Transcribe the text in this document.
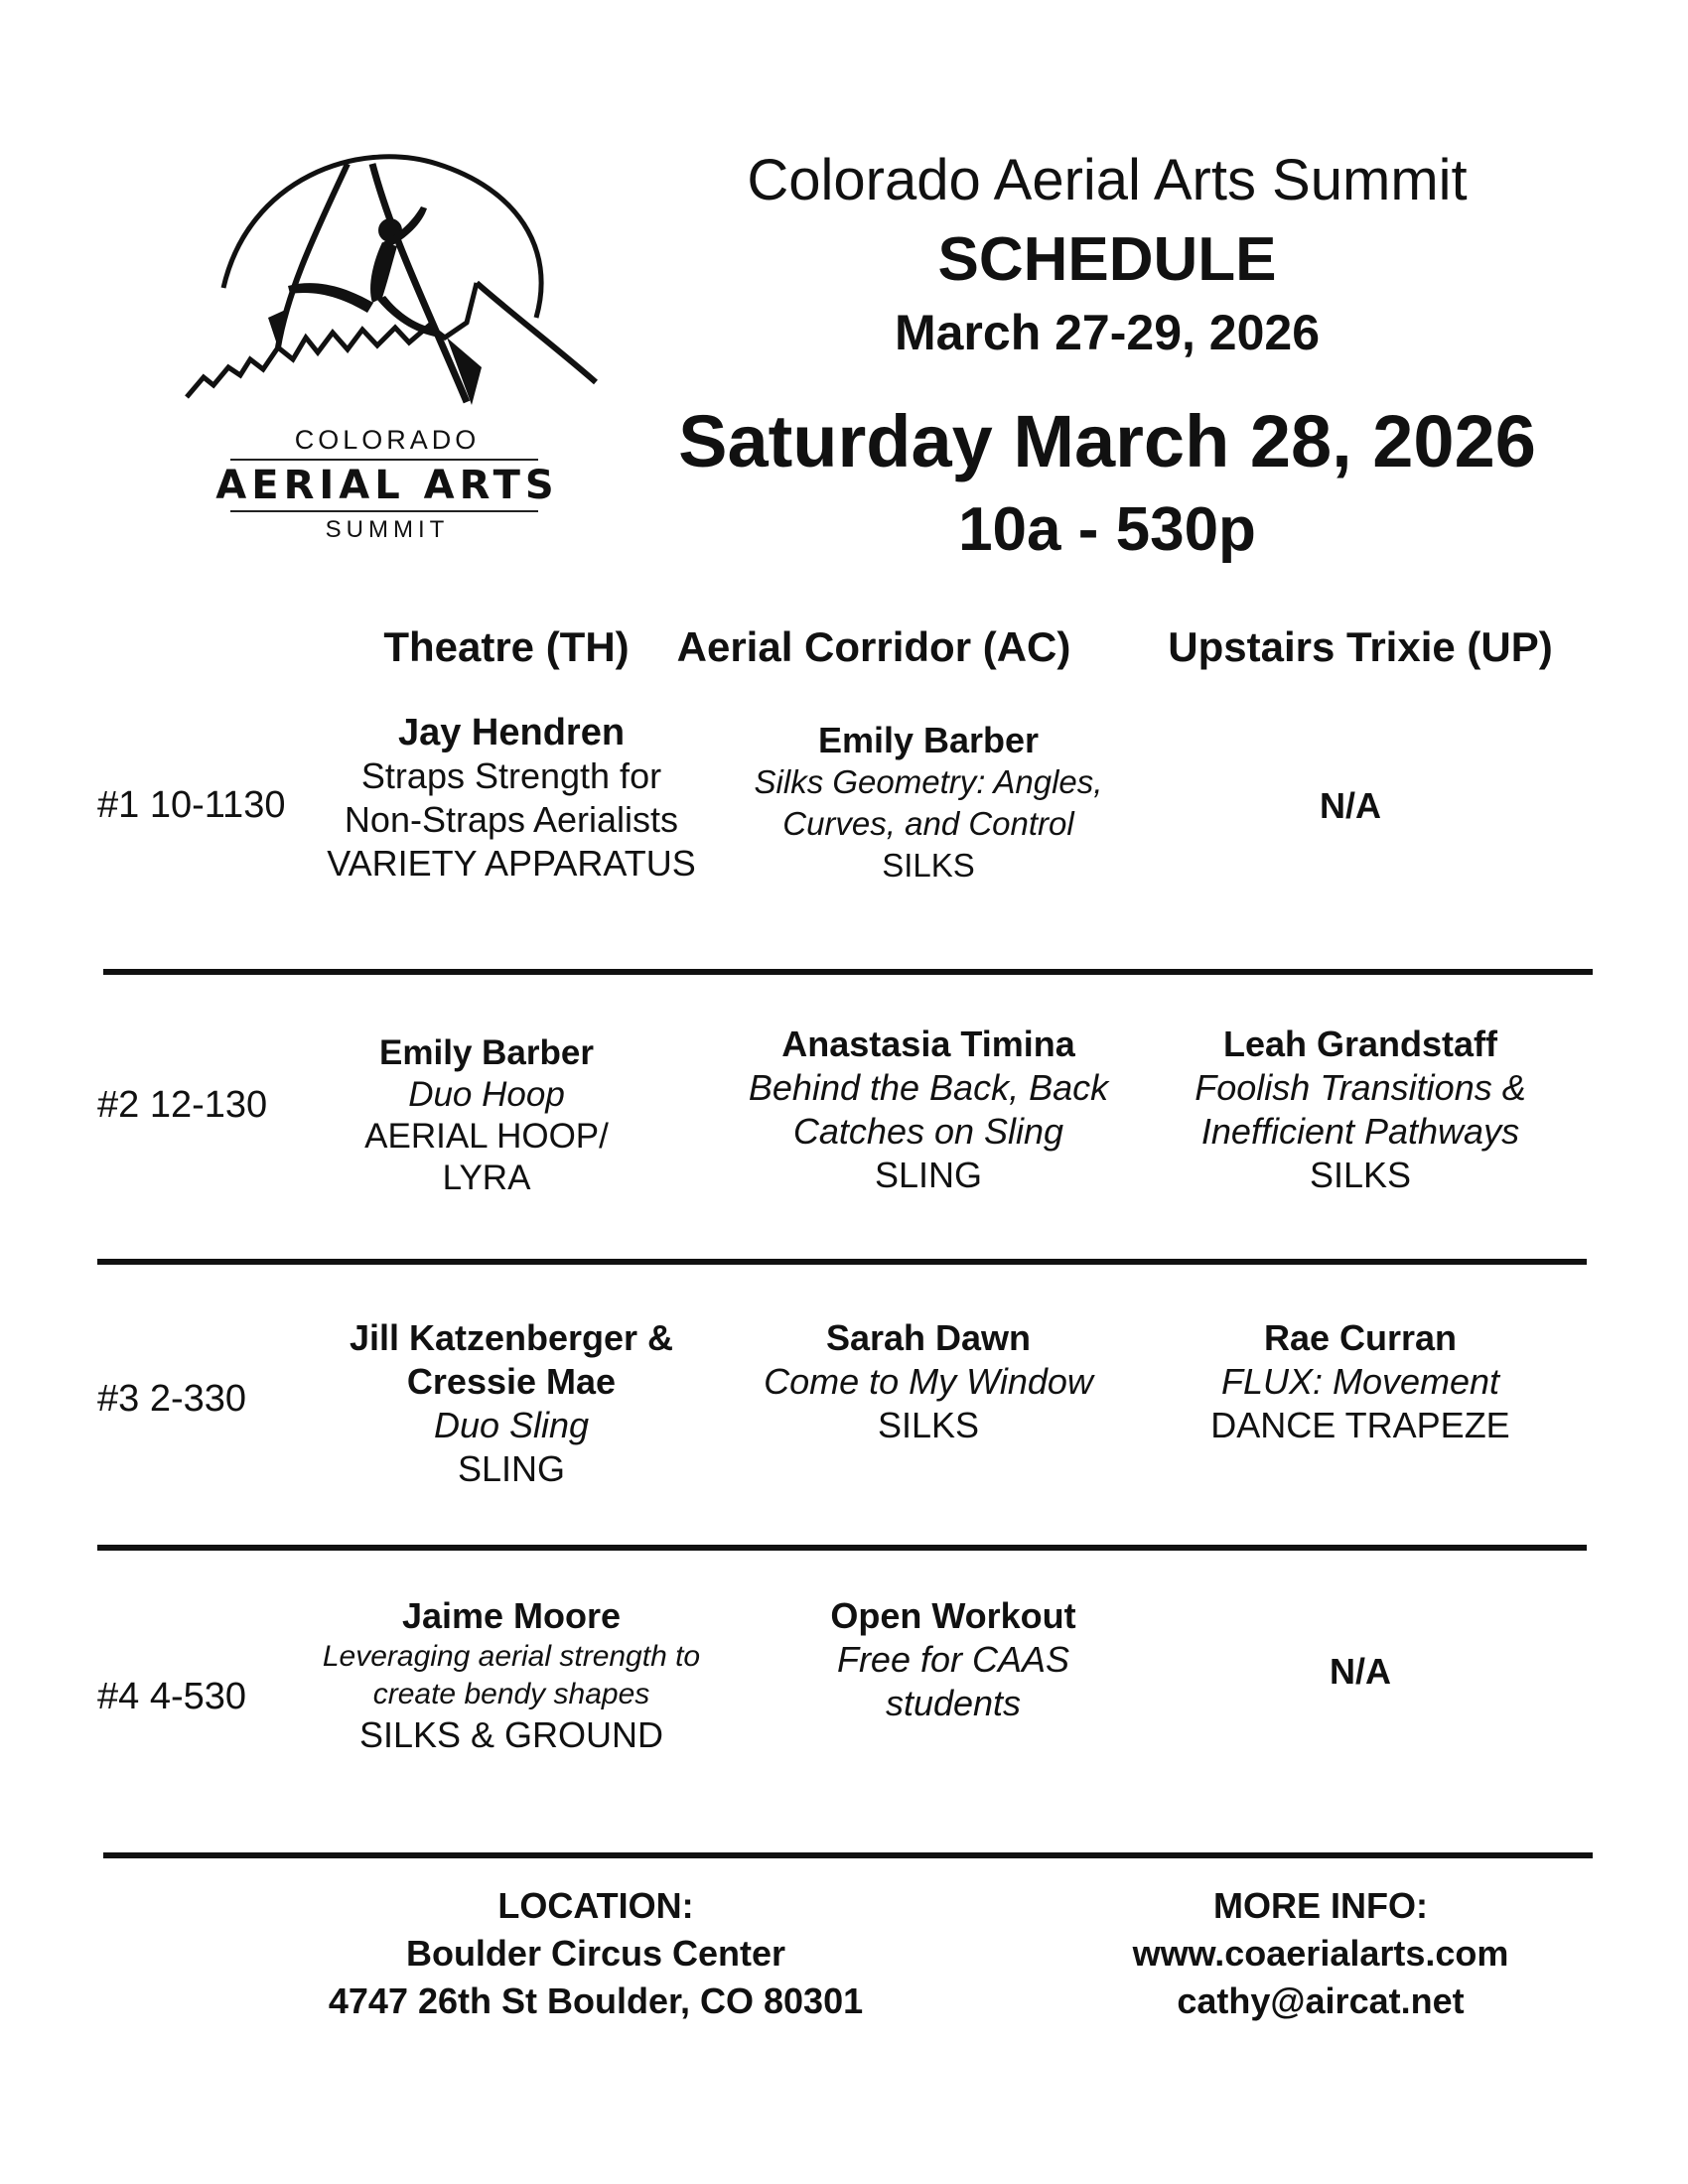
COLORADO
AERIAL ARTS
SUMMIT
Colorado Aerial Arts Summit
SCHEDULE
March 27-29, 2026
Saturday March 28, 2026
10a - 530p
Theatre (TH)	Aerial Corridor (AC)	Upstairs Trixie (UP)
#1 10-1130
Jay Hendren
Straps Strength for Non-Straps Aerialists
VARIETY APPARATUS
Emily Barber
Silks Geometry: Angles, Curves, and Control
SILKS
N/A
#2 12-130
Emily Barber
Duo Hoop
AERIAL HOOP/ LYRA
Anastasia Timina
Behind the Back, Back Catches on Sling
SLING
Leah Grandstaff
Foolish Transitions & Inefficient Pathways
SILKS
#3 2-330
Jill Katzenberger & Cressie Mae
Duo Sling
SLING
Sarah Dawn
Come to My Window
SILKS
Rae Curran
FLUX: Movement
DANCE TRAPEZE
#4 4-530
Jaime Moore
Leveraging aerial strength to create bendy shapes
SILKS & GROUND
Open Workout
Free for CAAS students
N/A
LOCATION:
Boulder Circus Center
4747 26th St Boulder, CO 80301
MORE INFO:
www.coaerialarts.com
cathy@aircat.net
